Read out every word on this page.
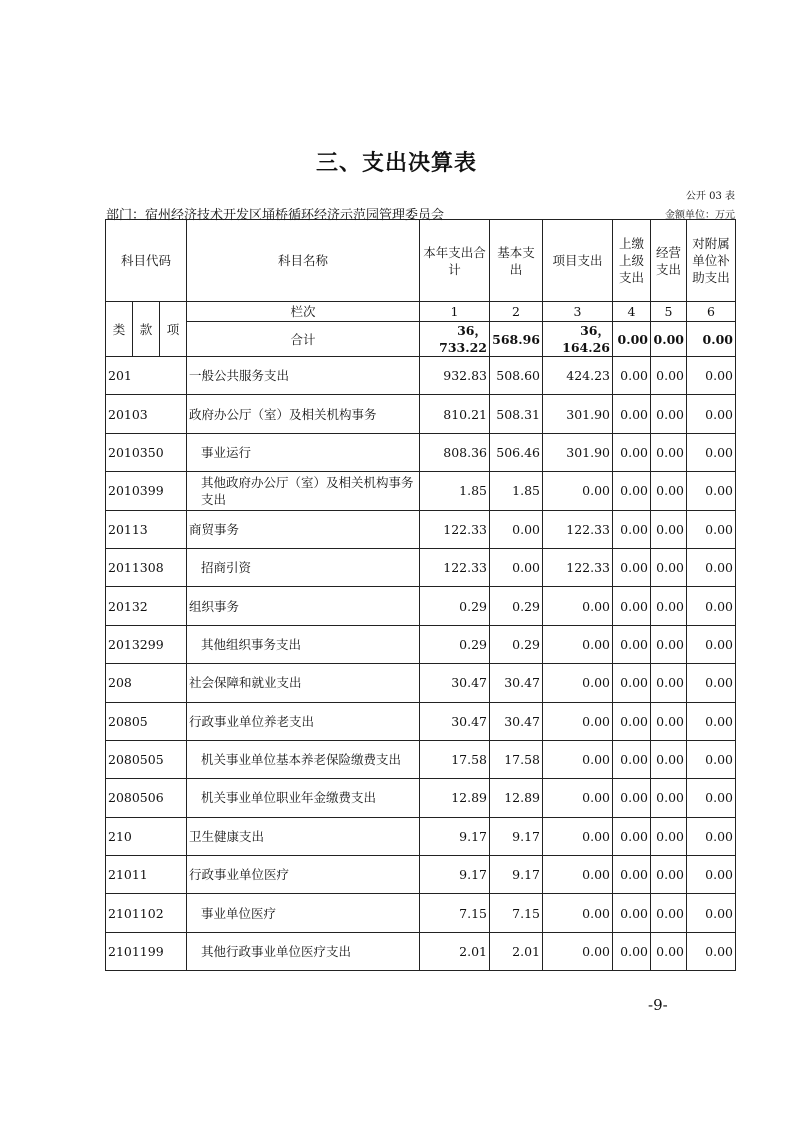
三、支出决算表
公开 03 表
部门：宿州经济技术开发区埇桥循环经济示范园管理委员会	金额单位：万元
科目代码			科目名称	本年支出合计	基本支出	项目支出	上缴上级支出	经营支出	对附属单位补助支出
类	款	项	栏次	1	2	3	4	5	6
			合计	36，733.22	568.96	36，164.26	0.00	0.00	0.00
201			一般公共服务支出	932.83	508.60	424.23	0.00	0.00	0.00
20103			政府办公厅（室）及相关机构事务	810.21	508.31	301.90	0.00	0.00	0.00
2010350			事业运行	808.36	506.46	301.90	0.00	0.00	0.00
2010399			其他政府办公厅（室）及相关机构事务支出	1.85	1.85	0.00	0.00	0.00	0.00
20113			商贸事务	122.33	0.00	122.33	0.00	0.00	0.00
2011308			招商引资	122.33	0.00	122.33	0.00	0.00	0.00
20132			组织事务	0.29	0.29	0.00	0.00	0.00	0.00
2013299			其他组织事务支出	0.29	0.29	0.00	0.00	0.00	0.00
208			社会保障和就业支出	30.47	30.47	0.00	0.00	0.00	0.00
20805			行政事业单位养老支出	30.47	30.47	0.00	0.00	0.00	0.00
2080505			机关事业单位基本养老保险缴费支出	17.58	17.58	0.00	0.00	0.00	0.00
2080506			机关事业单位职业年金缴费支出	12.89	12.89	0.00	0.00	0.00	0.00
210			卫生健康支出	9.17	9.17	0.00	0.00	0.00	0.00
21011			行政事业单位医疗	9.17	9.17	0.00	0.00	0.00	0.00
2101102			事业单位医疗	7.15	7.15	0.00	0.00	0.00	0.00
2101199			其他行政事业单位医疗支出	2.01	2.01	0.00	0.00	0.00	0.00
-9-
